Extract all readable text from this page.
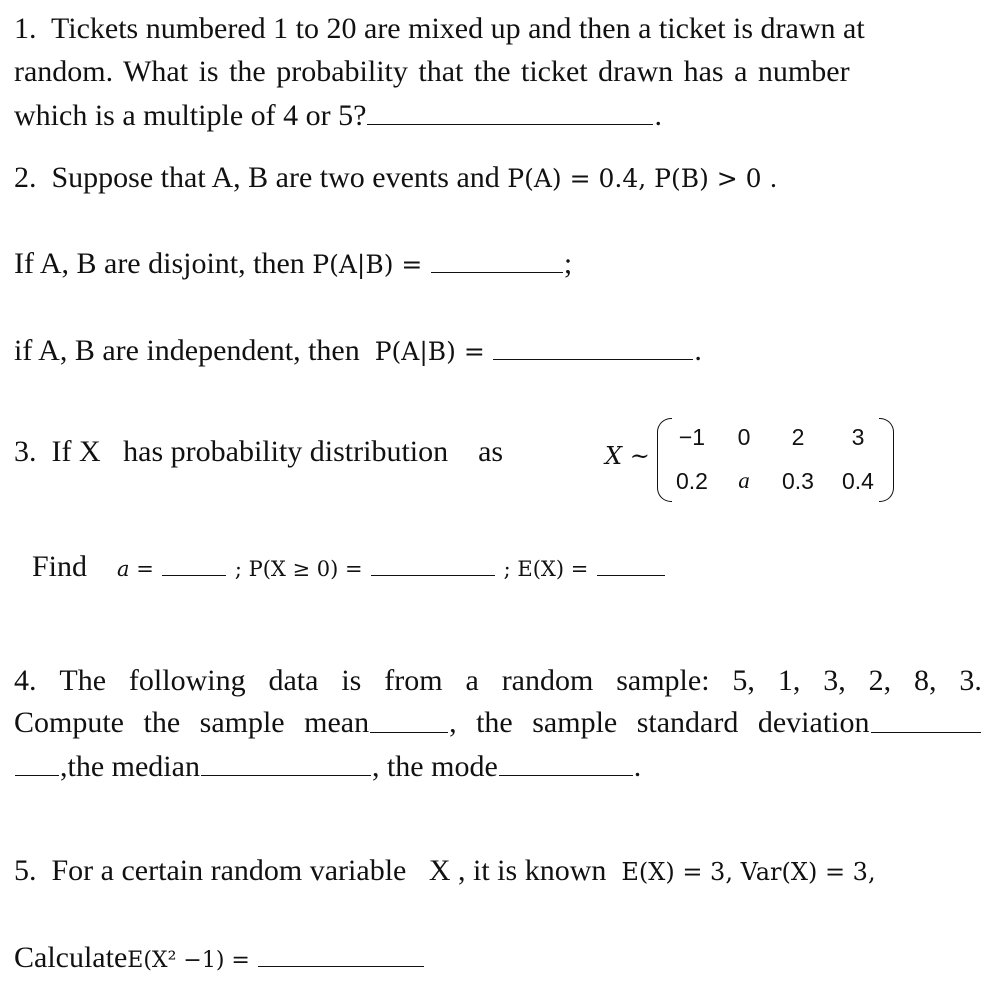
1. Tickets numbered 1 to 20 are mixed up and then a ticket is drawn at
random. What is the probability that the ticket drawn has a number
which is a multiple of 4 or 5?	.
2. Suppose that A, B are two events and P(A) = 0.4, P(B) > 0 .
If A, B are disjoint, then P(A|B) =	;
if A, B are independent, then P(A|B) =	.
3. If X   has probability distribution    as	X ~
−1	0	2	3
0.2	a	0.3	0.4
Find a =	; P(X ≥ 0) =	; E(X) =
4. The following data is from a random sample: 5, 1, 3, 2, 8, 3.
Compute the sample mean	, the sample standard deviation
,the median	, the mode	.
5. For a certain random variable   X , it is known E(X) = 3, Var(X) = 3,
CalculateE(X² −1) =
